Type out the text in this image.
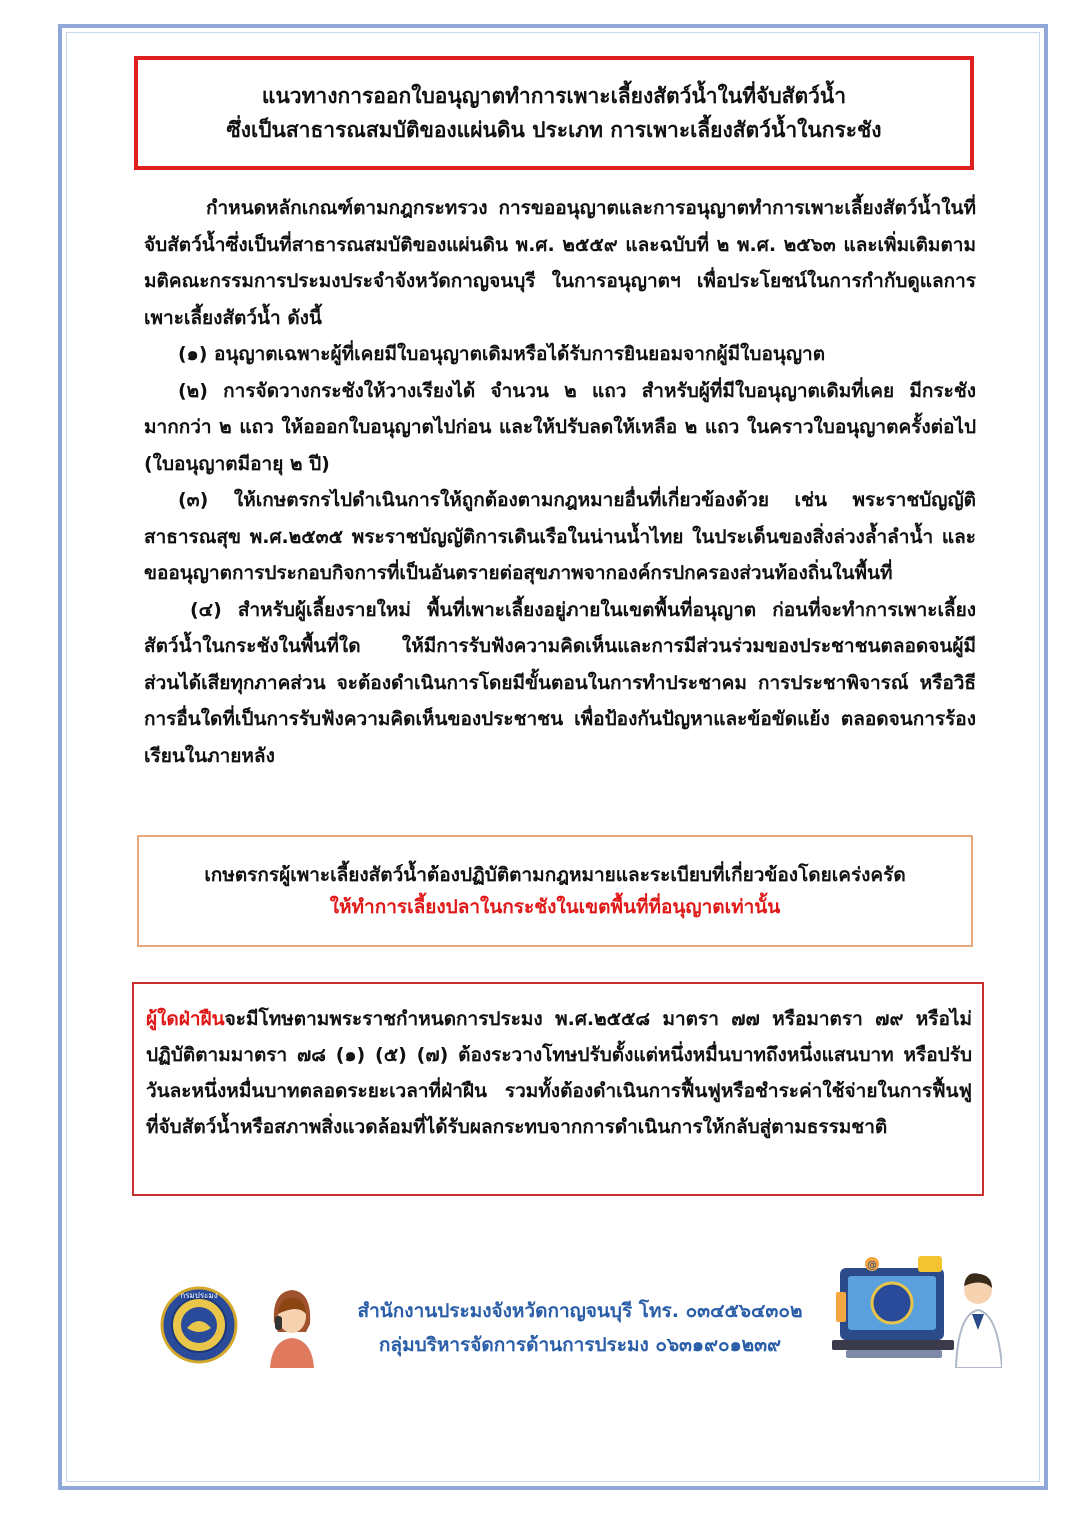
แนวทางการออกใบอนุญาตทำการเพาะเลี้ยงสัตว์น้ำในที่จับสัตว์น้ำ
ซึ่งเป็นสาธารณสมบัติของแผ่นดิน ประเภท การเพาะเลี้ยงสัตว์น้ำในกระชัง

กำหนดหลักเกณฑ์ตามกฎกระทรวง การขออนุญาตและการอนุญาตทำการเพาะเลี้ยงสัตว์น้ำในที่จับสัตว์น้ำซึ่งเป็นที่สาธารณสมบัติของแผ่นดิน พ.ศ. ๒๕๕๙ และฉบับที่ ๒ พ.ศ. ๒๕๖๓ และเพิ่มเติมตามมติคณะกรรมการประมงประจำจังหวัดกาญจนบุรี ในการอนุญาตฯ เพื่อประโยชน์ในการกำกับดูแลการเพาะเลี้ยงสัตว์น้ำ ดังนี้

(๑) อนุญาตเฉพาะผู้ที่เคยมีใบอนุญาตเดิมหรือได้รับการยินยอมจากผู้มีใบอนุญาต

(๒) การจัดวางกระชังให้วางเรียงได้ จำนวน ๒ แถว สำหรับผู้ที่มีใบอนุญาตเดิมที่เคย มีกระชังมากกว่า ๒ แถว ให้อออกใบอนุญาตไปก่อน และให้ปรับลดให้เหลือ ๒ แถว ในคราวใบอนุญาตครั้งต่อไป (ใบอนุญาตมีอายุ ๒ ปี)

(๓) ให้เกษตรกรไปดำเนินการให้ถูกต้องตามกฎหมายอื่นที่เกี่ยวข้องด้วย เช่น พระราชบัญญัติสาธารณสุข พ.ศ.๒๕๓๕ พระราชบัญญัติการเดินเรือในน่านน้ำไทย ในประเด็นของสิ่งล่วงล้ำลำน้ำ และขออนุญาตการประกอบกิจการที่เป็นอันตรายต่อสุขภาพจากองค์กรปกครองส่วนท้องถิ่นในพื้นที่

(๔) สำหรับผู้เลี้ยงรายใหม่ พื้นที่เพาะเลี้ยงอยู่ภายในเขตพื้นที่อนุญาต ก่อนที่จะทำการเพาะเลี้ยงสัตว์น้ำในกระชังในพื้นที่ใด ให้มีการรับฟังความคิดเห็นและการมีส่วนร่วมของประชาชนตลอดจนผู้มีส่วนได้เสียทุกภาคส่วน จะต้องดำเนินการโดยมีขั้นตอนในการทำประชาคม การประชาพิจารณ์ หรือวิธีการอื่นใดที่เป็นการรับฟังความคิดเห็นของประชาชน เพื่อป้องกันปัญหาและข้อขัดแย้ง ตลอดจนการร้องเรียนในภายหลัง

เกษตรกรผู้เพาะเลี้ยงสัตว์น้ำต้องปฏิบัติตามกฎหมายและระเบียบที่เกี่ยวข้องโดยเคร่งครัด
ให้ทำการเลี้ยงปลาในกระชังในเขตพื้นที่ที่อนุญาตเท่านั้น

ผู้ใดฝ่าฝืนจะมีโทษตามพระราชกำหนดการประมง พ.ศ.๒๕๕๘ มาตรา ๗๗ หรือมาตรา ๗๙ หรือไม่ปฏิบัติตามมาตรา ๗๘ (๑) (๕) (๗) ต้องระวางโทษปรับตั้งแต่หนึ่งหมื่นบาทถึงหนึ่งแสนบาท หรือปรับวันละหนึ่งหมื่นบาทตลอดระยะเวลาที่ฝ่าฝืน รวมทั้งต้องดำเนินการฟื้นฟูหรือชำระค่าใช้จ่ายในการฟื้นฟูที่จับสัตว์น้ำหรือสภาพสิ่งแวดล้อมที่ได้รับผลกระทบจากการดำเนินการให้กลับสู่ตามธรรมชาติ

กรมประมง
สำนักงานประมงจังหวัดกาญจนบุรี โทร. ๐๓๔๕๖๔๓๐๒
กลุ่มบริหารจัดการด้านการประมง ๐๖๓๑๙๐๑๒๓๙
@
